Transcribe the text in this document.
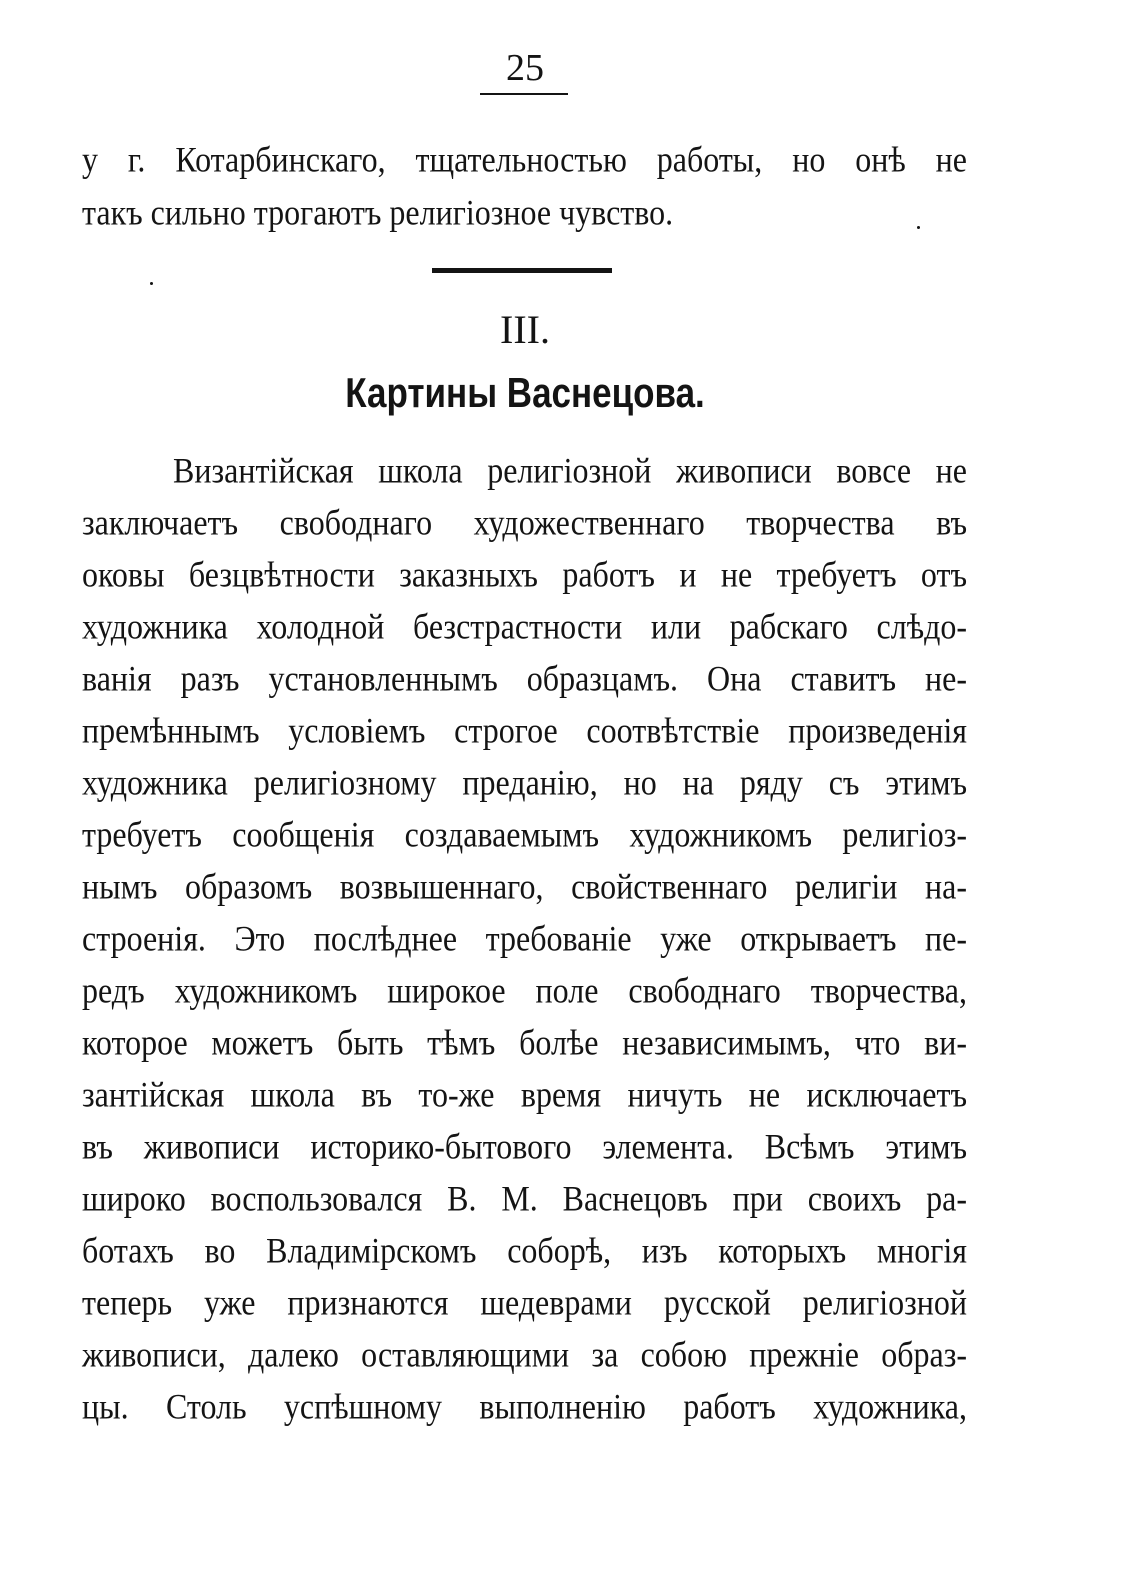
25
у г. Котарбинскаго, тщательностью работы, но онѣ не
такъ сильно трогаютъ религіозное чувство.
III.
Картины Васнецова.
Византійская школа религіозной живописи вовсе не
заключаетъ свободнаго художественнаго творчества въ
оковы безцвѣтности заказныхъ работъ и не требуетъ отъ
художника холодной безстрастности или рабскаго слѣдо-
ванія разъ установленнымъ образцамъ. Она ставитъ не-
премѣннымъ условіемъ строгое соотвѣтствіе произведенія
художника религіозному преданію, но на ряду съ этимъ
требуетъ сообщенія создаваемымъ художникомъ религіоз-
нымъ образомъ возвышеннаго, свойственнаго религіи на-
строенія. Это послѣднее требованіе уже открываетъ пе-
редъ художникомъ широкое поле свободнаго творчества,
которое можетъ быть тѣмъ болѣе независимымъ, что ви-
зантійская школа въ то-же время ничуть не исключаетъ
въ живописи историко-бытового элемента. Всѣмъ этимъ
широко воспользовался В. М. Васнецовъ при своихъ ра-
ботахъ во Владимірскомъ соборѣ, изъ которыхъ многія
теперь уже признаются шедеврами русской религіозной
живописи, далеко оставляющими за собою прежніе образ-
цы. Столь успѣшному выполненію работъ художника,
